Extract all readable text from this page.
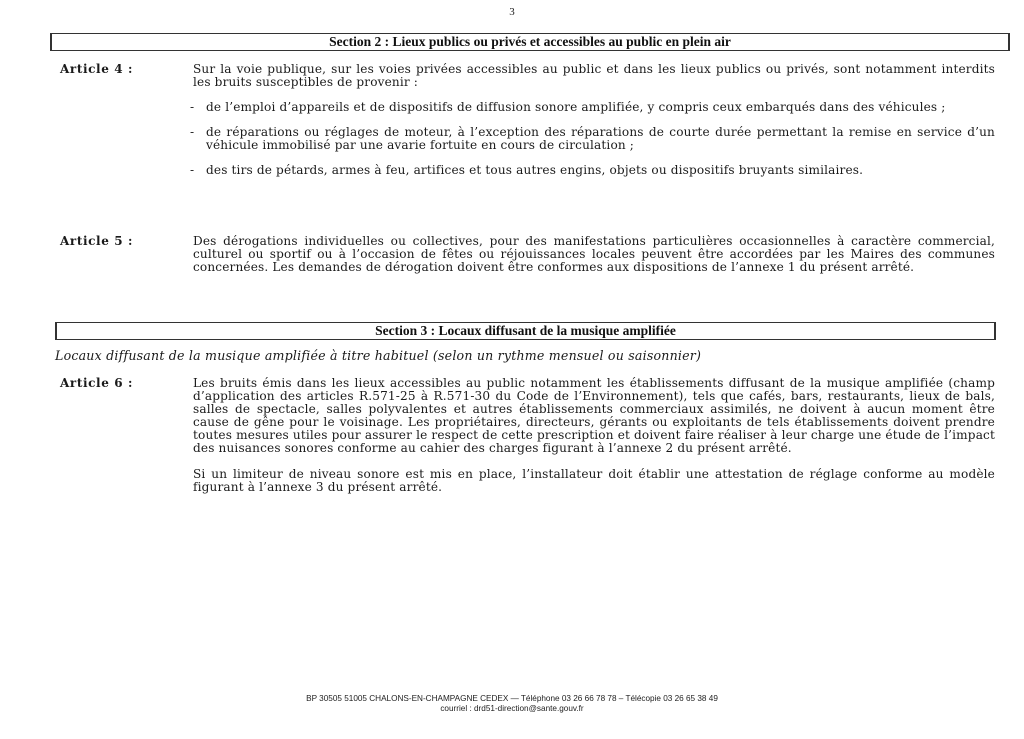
3
Section 2 : Lieux publics ou privés et accessibles au public en plein air
Article 4 :	Sur la voie publique, sur les voies privées accessibles au public et dans les lieux publics ou privés, sont notamment interdits les bruits susceptibles de provenir :

- de l’emploi d’appareils et de dispositifs de diffusion sonore amplifiée, y compris ceux embarqués dans des véhicules ;

- de réparations ou réglages de moteur, à l’exception des réparations de courte durée permettant la remise en service d’un véhicule immobilisé par une avarie fortuite en cours de circulation ;

- des tirs de pétards, armes à feu, artifices et tous autres engins, objets ou dispositifs bruyants similaires.

Article 5 :	Des dérogations individuelles ou collectives, pour des manifestations particulières occasionnelles à caractère commercial, culturel ou sportif ou à l’occasion de fêtes ou réjouissances locales peuvent être accordées par les Maires des communes concernées. Les demandes de dérogation doivent être conformes aux dispositions de l’annexe 1 du présent arrêté.

Section 3 : Locaux diffusant de la musique amplifiée
Locaux diffusant de la musique amplifiée à titre habituel (selon un rythme mensuel ou saisonnier)
Article 6 :	Les bruits émis dans les lieux accessibles au public notamment les établissements diffusant de la musique amplifiée (champ d’application des articles R.571-25 à R.571-30 du Code de l’Environnement), tels que cafés, bars, restaurants, lieux de bals, salles de spectacle, salles polyvalentes et autres établissements commerciaux assimilés, ne doivent à aucun moment être cause de gêne pour le voisinage. Les propriétaires, directeurs, gérants ou exploitants de tels établissements doivent prendre toutes mesures utiles pour assurer le respect de cette prescription et doivent faire réaliser à leur charge une étude de l’impact des nuisances sonores conforme au cahier des charges figurant à l’annexe 2 du présent arrêté.

Si un limiteur de niveau sonore est mis en place, l’installateur doit établir une attestation de réglage conforme au modèle figurant à l’annexe 3 du présent arrêté.

BP 30505 51005 CHALONS-EN-CHAMPAGNE CEDEX — Téléphone 03 26 66 78 78 – Télécopie 03 26 65 38 49
courriel : drd51-direction@sante.gouv.fr
